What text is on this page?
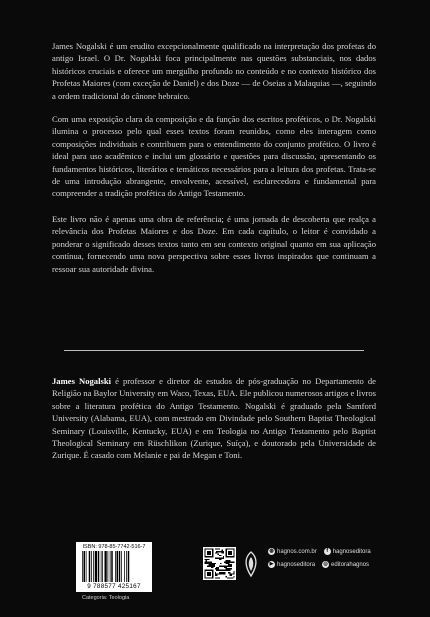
James Nogalski é um erudito excepcionalmente qualificado na interpretação dos profetas do antigo Israel. O Dr. Nogalski foca principalmente nas questões substanciais, nos dados históricos cruciais e oferece um mergulho profundo no conteúdo e no contexto histórico dos Profetas Maiores (com exceção de Daniel) e dos Doze — de Oseias a Malaquias —, seguindo a ordem tradicional do cânone hebraico.

Com uma exposição clara da composição e da função dos escritos proféticos, o Dr. Nogalski ilumina o processo pelo qual esses textos foram reunidos, como eles interagem como composições individuais e contribuem para o entendimento do conjunto profético. O livro é ideal para uso acadêmico e inclui um glossário e questões para discussão, apresentando os fundamentos históricos, literários e temáticos necessários para a leitura dos profetas. Trata-se de uma introdução abrangente, envolvente, acessível, esclarecedora e fundamental para compreender a tradição profética do Antigo Testamento.

Este livro não é apenas uma obra de referência; é uma jornada de descoberta que realça a relevância dos Profetas Maiores e dos Doze. Em cada capítulo, o leitor é convidado a ponderar o significado desses textos tanto em seu contexto original quanto em sua aplicação contínua, fornecendo uma nova perspectiva sobre esses livros inspirados que continuam a ressoar sua autoridade divina.

James Nogalski é professor e diretor de estudos de pós-graduação no Departamento de Religião na Baylor University em Waco, Texas, EUA. Ele publicou numerosos artigos e livros sobre a literatura profética do Antigo Testamento. Nogalski é graduado pela Samford University (Alabama, EUA), com mestrado em Divindade pelo Southern Baptist Theological Seminary (Louisville, Kentucky, EUA) e em Teologia no Antigo Testamento pelo Baptist Theological Seminary em Rüschlikon (Zurique, Suíça), e doutorado pela Universidade de Zurique. É casado com Melanie e pai de Megan e Toni.

ISBN: 978-85-7742-516-7
9 788577 425167
Categoria: Teologia
◍ hagnos.com.br	f hagnoseditora
▶ hagnoseditora ◎ editorahagnos
